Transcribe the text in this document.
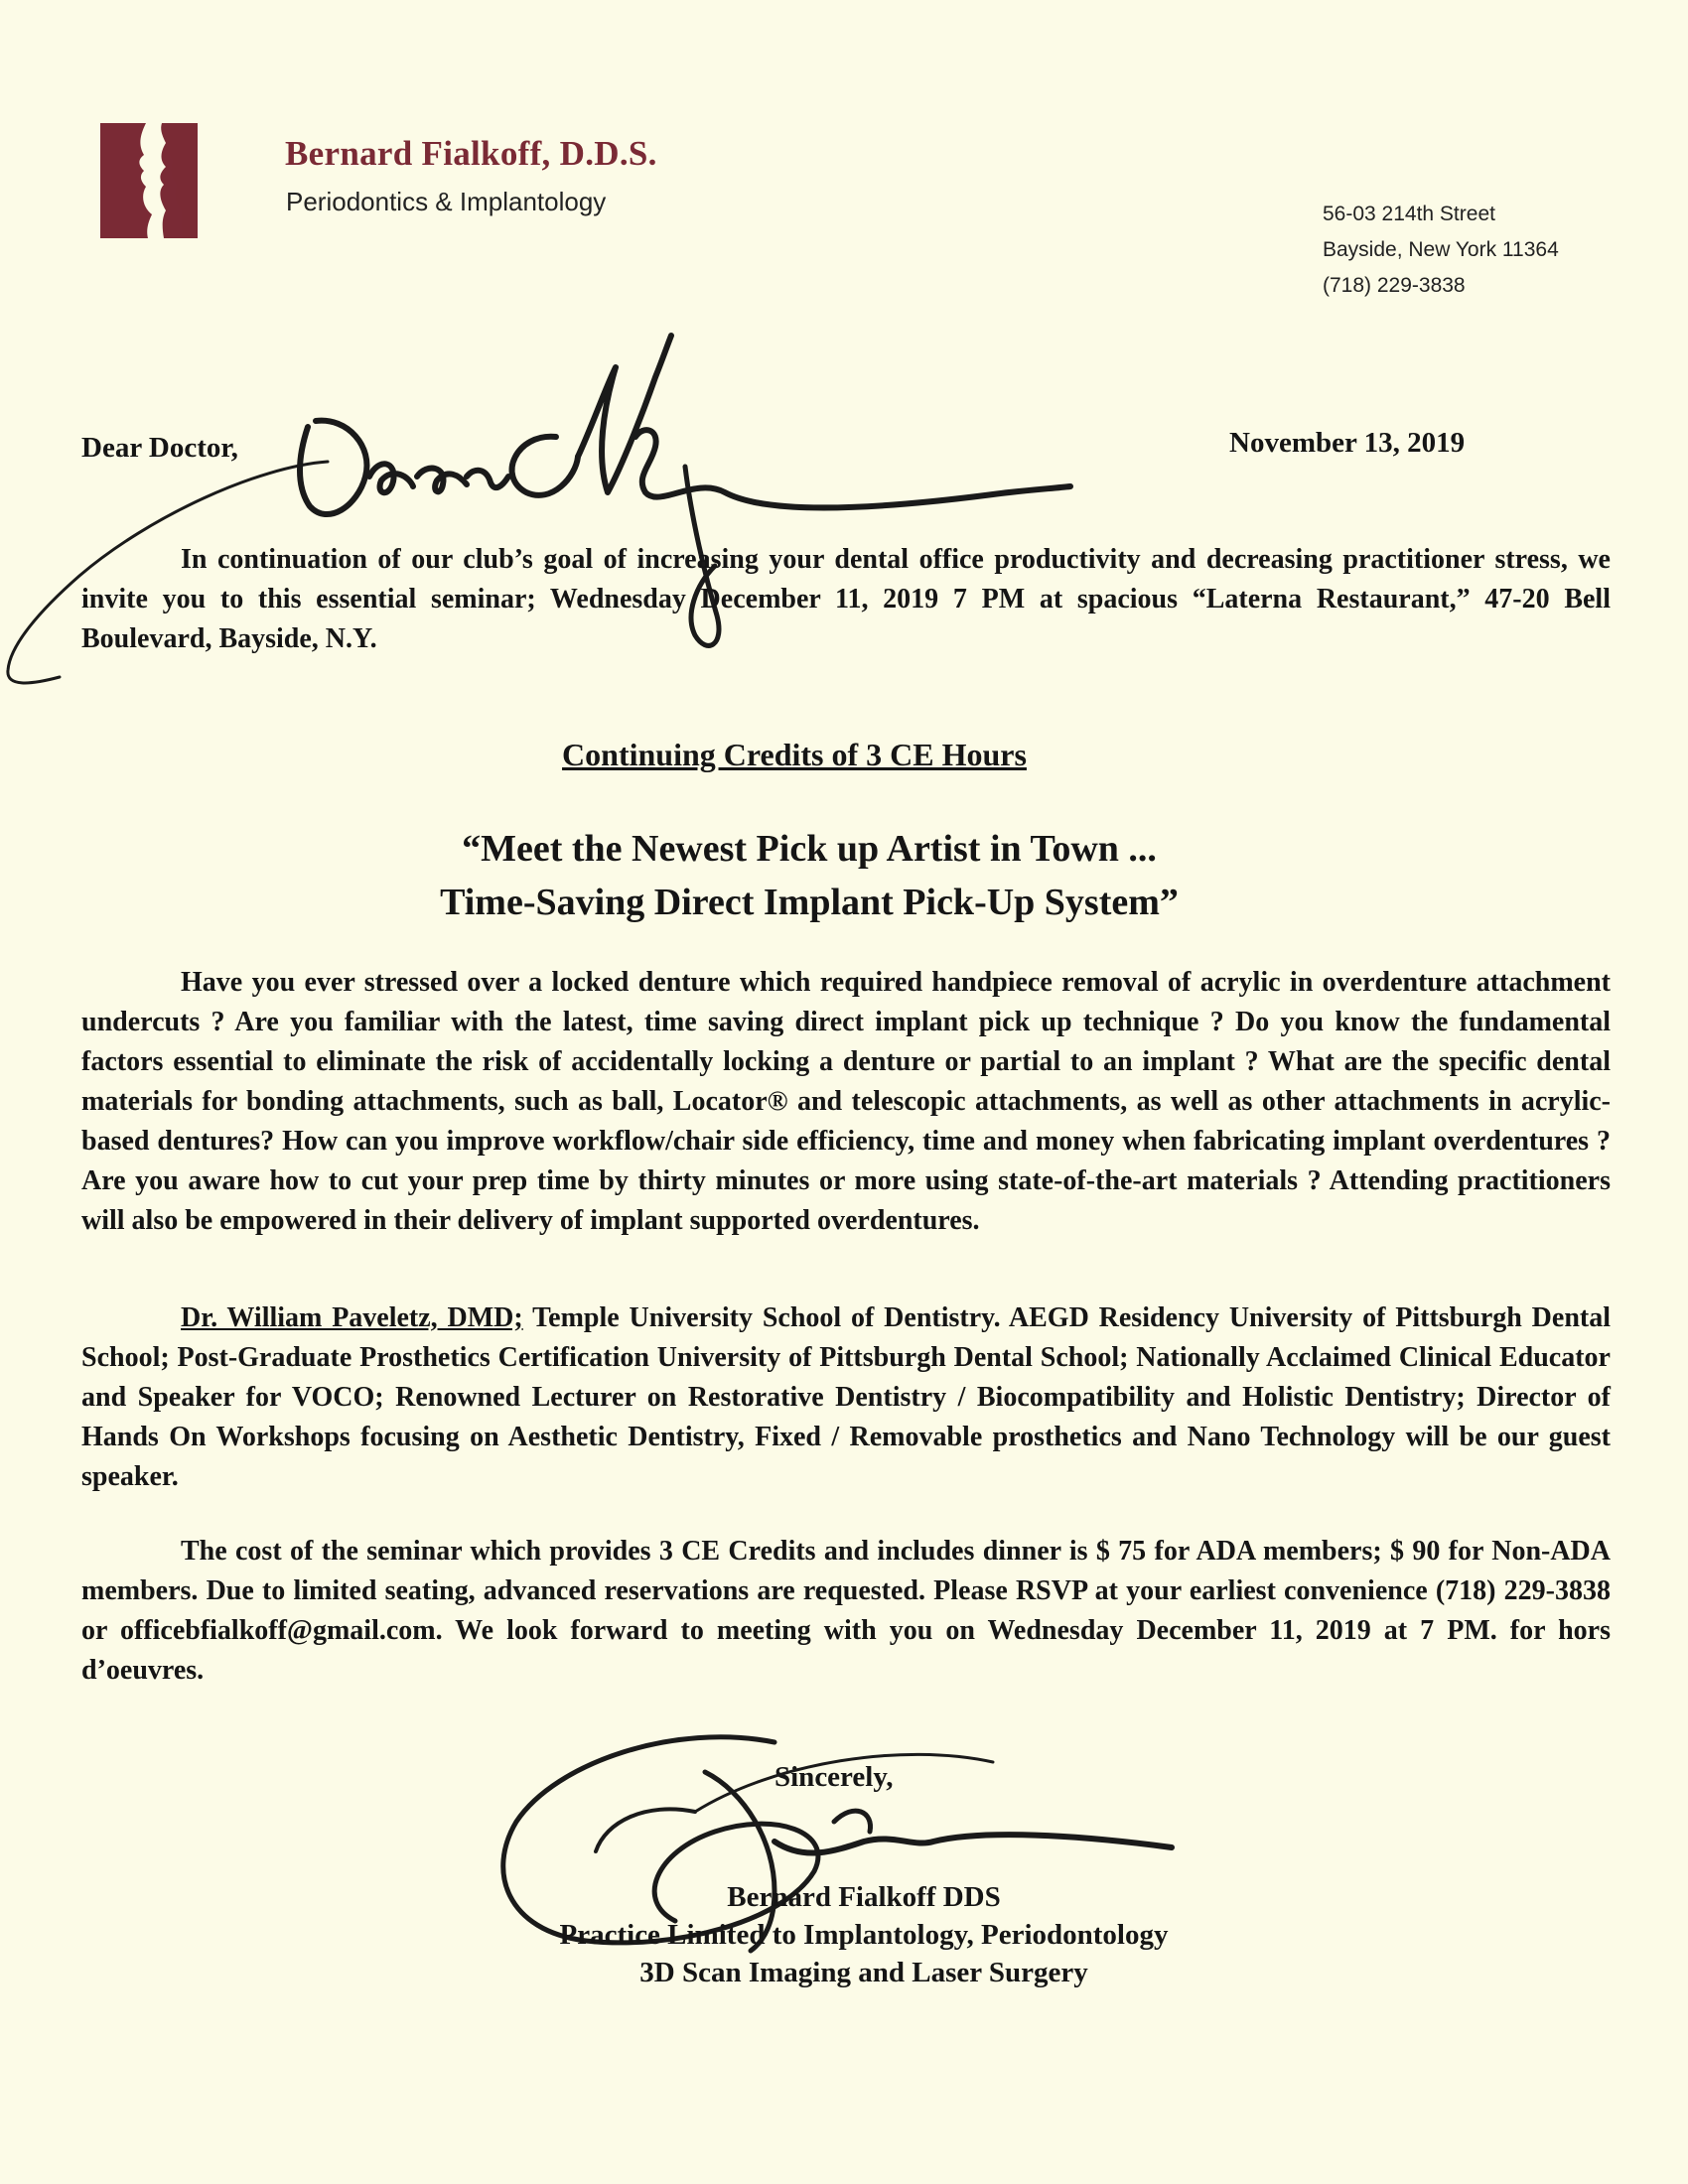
Bernard Fialkoff, D.D.S.
Periodontics & Implantology	56-03 214th Street
Bayside, New York 11364
(718) 229-3838
Dear Doctor,	November 13, 2019
In continuation of our club’s goal of increasing your dental office productivity and decreasing practitioner stress, we invite you to this essential seminar; Wednesday December 11, 2019 7 PM at spacious “Laterna Restaurant,” 47-20 Bell Boulevard, Bayside, N.Y.
Continuing Credits of 3 CE Hours
“Meet the Newest Pick up Artist in Town ...
Time-Saving Direct Implant Pick-Up System”
Have you ever stressed over a locked denture which required handpiece removal of acrylic in overdenture attachment undercuts ? Are you familiar with the latest, time saving direct implant pick up technique ? Do you know the fundamental factors essential to eliminate the risk of accidentally locking a denture or partial to an implant ? What are the specific dental materials for bonding attachments, such as ball, Locator® and telescopic attachments, as well as other attachments in acrylic-based dentures? How can you improve workflow/chair side efficiency, time and money when fabricating implant overdentures ? Are you aware how to cut your prep time by thirty minutes or more using state-of-the-art materials ? Attending practitioners will also be empowered in their delivery of implant supported overdentures.
Dr. William Paveletz, DMD; Temple University School of Dentistry. AEGD Residency University of Pittsburgh Dental School; Post-Graduate Prosthetics Certification University of Pittsburgh Dental School; Nationally Acclaimed Clinical Educator and Speaker for VOCO; Renowned Lecturer on Restorative Dentistry / Biocompatibility and Holistic Dentistry; Director of Hands On Workshops focusing on Aesthetic Dentistry, Fixed / Removable prosthetics and Nano Technology will be our guest speaker.
The cost of the seminar which provides 3 CE Credits and includes dinner is $ 75 for ADA members; $ 90 for Non-ADA members. Due to limited seating, advanced reservations are requested. Please RSVP at your earliest convenience (718) 229-3838 or officebfialkoff@gmail.com. We look forward to meeting with you on Wednesday December 11, 2019 at 7 PM. for hors d’oeuvres.
Sincerely,
Bernard Fialkoff DDS
Practice Limited to Implantology, Periodontology
3D Scan Imaging and Laser Surgery
